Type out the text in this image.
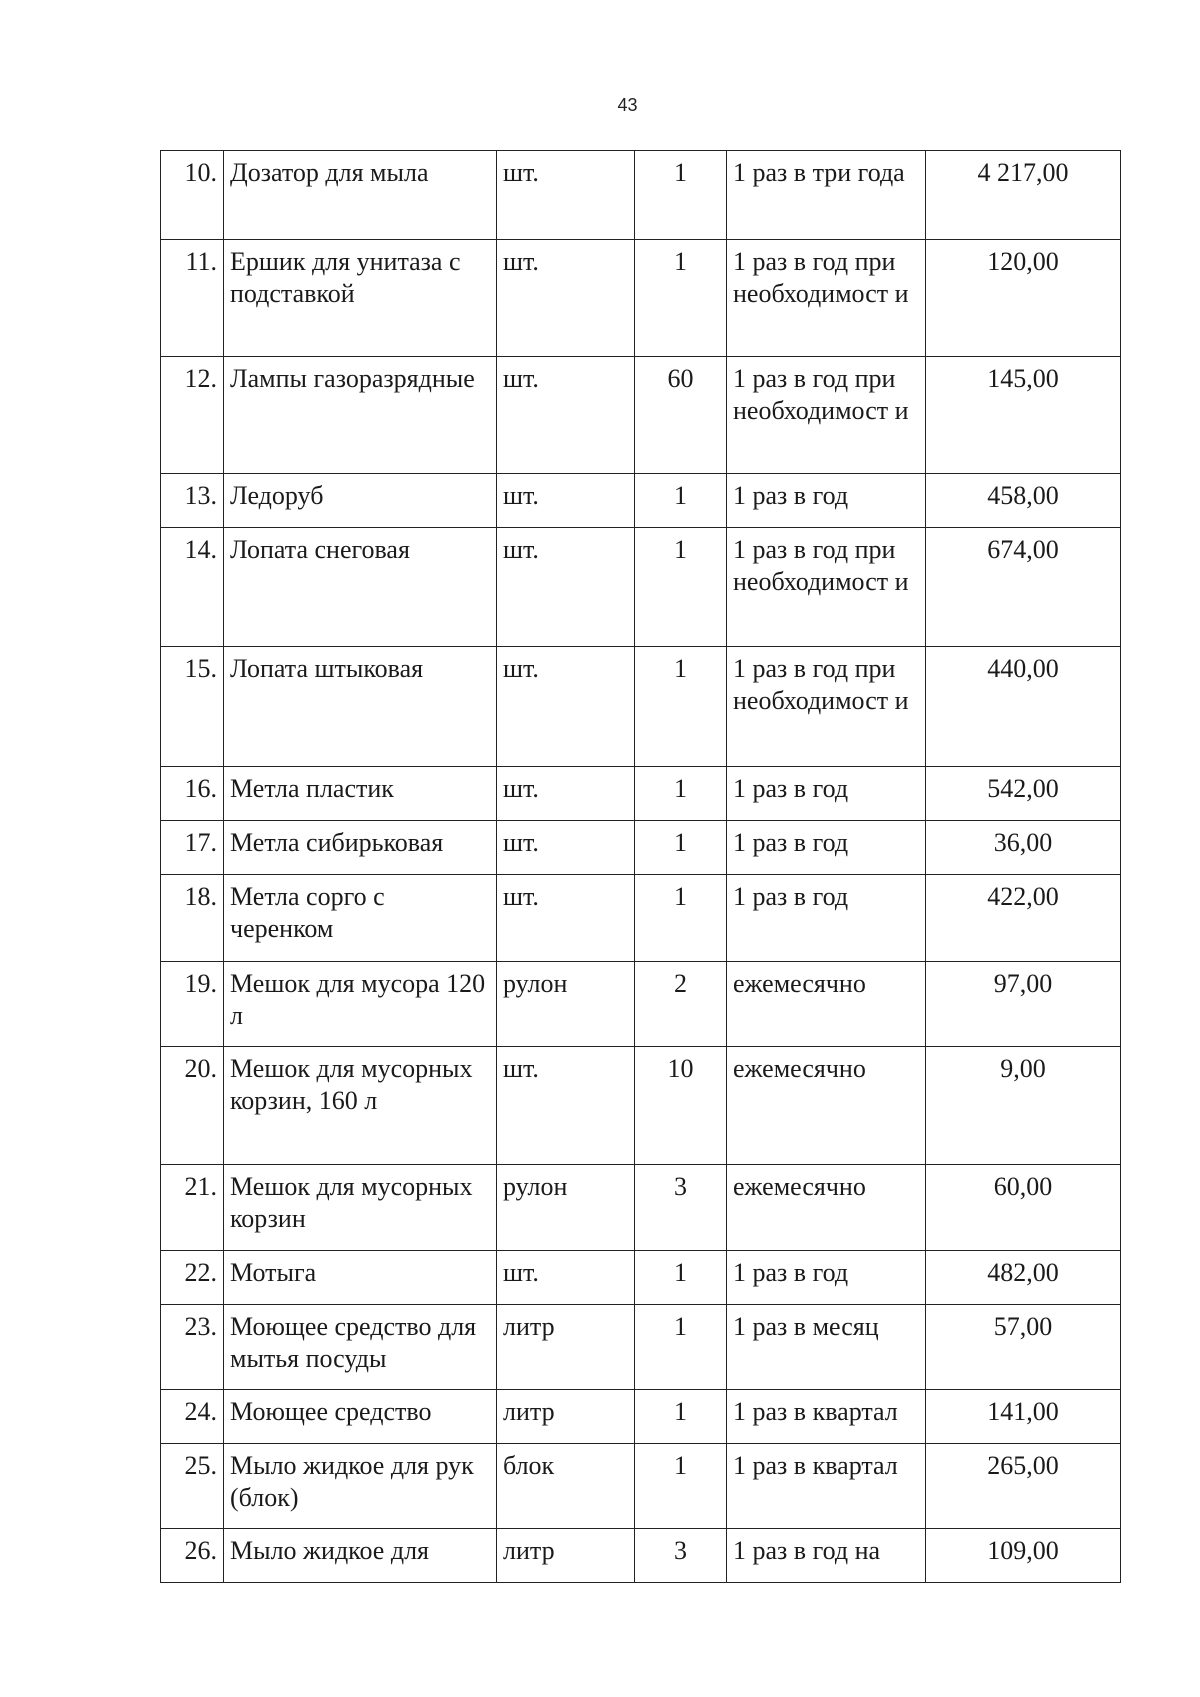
43
10.	Дозатор для мыла	шт.	1	1 раз в три года	4 217,00
11.	Ершик для унитаза с подставкой	шт.	1	1 раз в год при необходимост и	120,00
12.	Лампы газоразрядные	шт.	60	1 раз в год при необходимост и	145,00
13.	Ледоруб	шт.	1	1 раз в год	458,00
14.	Лопата снеговая	шт.	1	1 раз в год при необходимост и	674,00
15.	Лопата штыковая	шт.	1	1 раз в год при необходимост и	440,00
16.	Метла пластик	шт.	1	1 раз в год	542,00
17.	Метла сибирьковая	шт.	1	1 раз в год	36,00
18.	Метла сорго с черенком	шт.	1	1 раз в год	422,00
19.	Мешок для мусора 120 л	рулон	2	ежемесячно	97,00
20.	Мешок для мусорных корзин, 160 л	шт.	10	ежемесячно	9,00
21.	Мешок для мусорных корзин	рулон	3	ежемесячно	60,00
22.	Мотыга	шт.	1	1 раз в год	482,00
23.	Моющее средство для мытья посуды	литр	1	1 раз в месяц	57,00
24.	Моющее средство	литр	1	1 раз в квартал	141,00
25.	Мыло жидкое для рук (блок)	блок	1	1 раз в квартал	265,00
26.	Мыло жидкое для	литр	3	1 раз в год на	109,00
